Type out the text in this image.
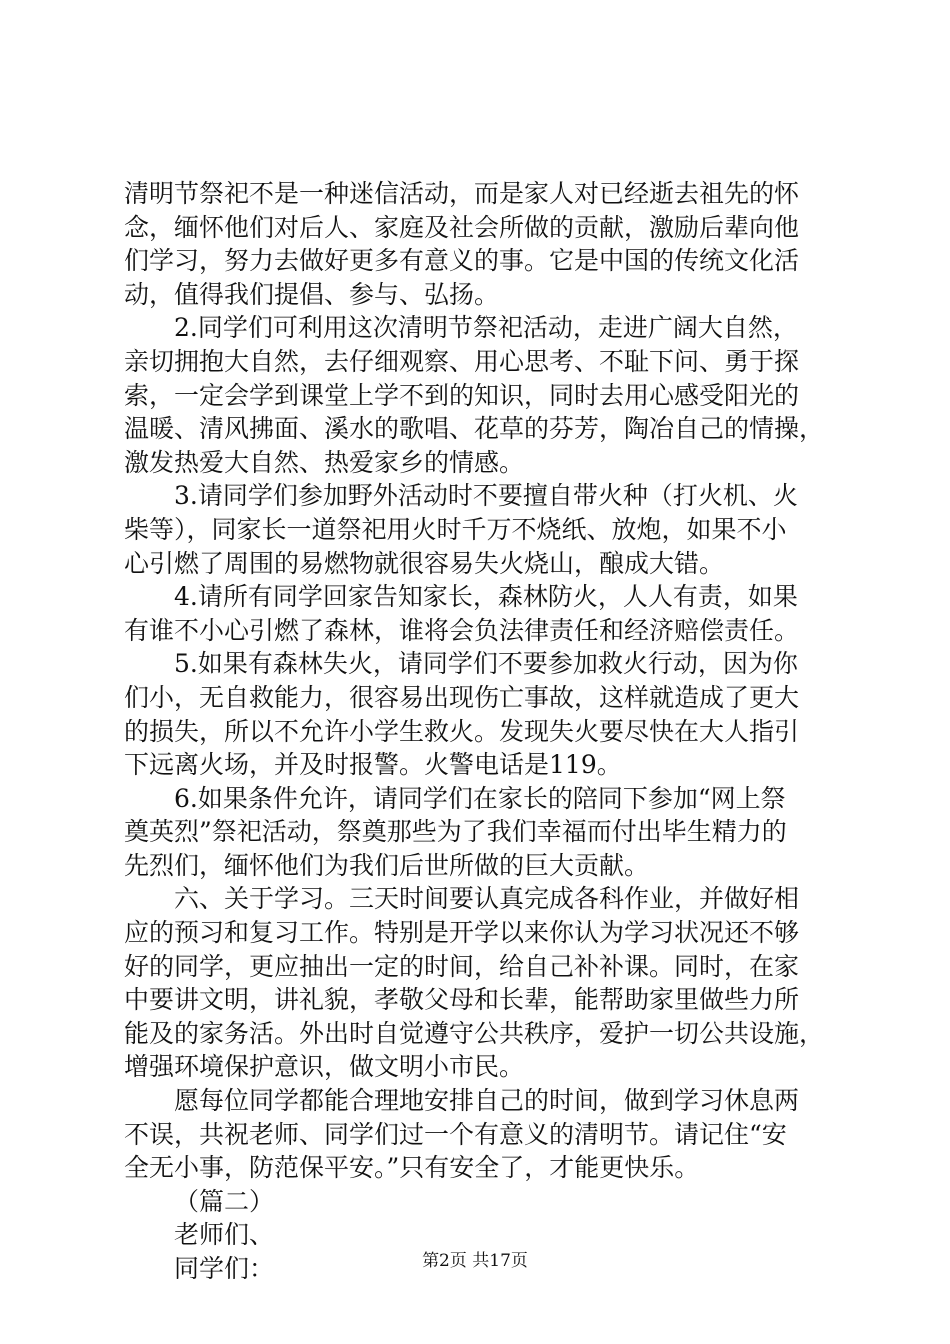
清明节祭祀不是一种迷信活动，而是家人对已经逝去祖先的怀
念，缅怀他们对后人、家庭及社会所做的贡献，激励后辈向他
们学习，努力去做好更多有意义的事。它是中国的传统文化活
动，值得我们提倡、参与、弘扬。
2.同学们可利用这次清明节祭祀活动，走进广阔大自然，
亲切拥抱大自然，去仔细观察、用心思考、不耻下问、勇于探
索，一定会学到课堂上学不到的知识，同时去用心感受阳光的
温暖、清风拂面、溪水的歌唱、花草的芬芳，陶冶自己的情操，
激发热爱大自然、热爱家乡的情感。
3.请同学们参加野外活动时不要擅自带火种（打火机、火
柴等），同家长一道祭祀用火时千万不烧纸、放炮，如果不小
心引燃了周围的易燃物就很容易失火烧山，酿成大错。
4.请所有同学回家告知家长，森林防火，人人有责，如果
有谁不小心引燃了森林，谁将会负法律责任和经济赔偿责任。
5.如果有森林失火，请同学们不要参加救火行动，因为你
们小，无自救能力，很容易出现伤亡事故，这样就造成了更大
的损失，所以不允许小学生救火。发现失火要尽快在大人指引
下远离火场，并及时报警。火警电话是119。
6.如果条件允许，请同学们在家长的陪同下参加“网上祭
奠英烈”祭祀活动，祭奠那些为了我们幸福而付出毕生精力的
先烈们，缅怀他们为我们后世所做的巨大贡献。
六、关于学习。三天时间要认真完成各科作业，并做好相
应的预习和复习工作。特别是开学以来你认为学习状况还不够
好的同学，更应抽出一定的时间，给自己补补课。同时，在家
中要讲文明，讲礼貌，孝敬父母和长辈，能帮助家里做些力所
能及的家务活。外出时自觉遵守公共秩序，爱护一切公共设施，
增强环境保护意识，做文明小市民。
愿每位同学都能合理地安排自己的时间，做到学习休息两
不误，共祝老师、同学们过一个有意义的清明节。请记住“安
全无小事，防范保平安。”只有安全了，才能更快乐。
（篇二）
老师们、
同学们：	第2页 共17页
